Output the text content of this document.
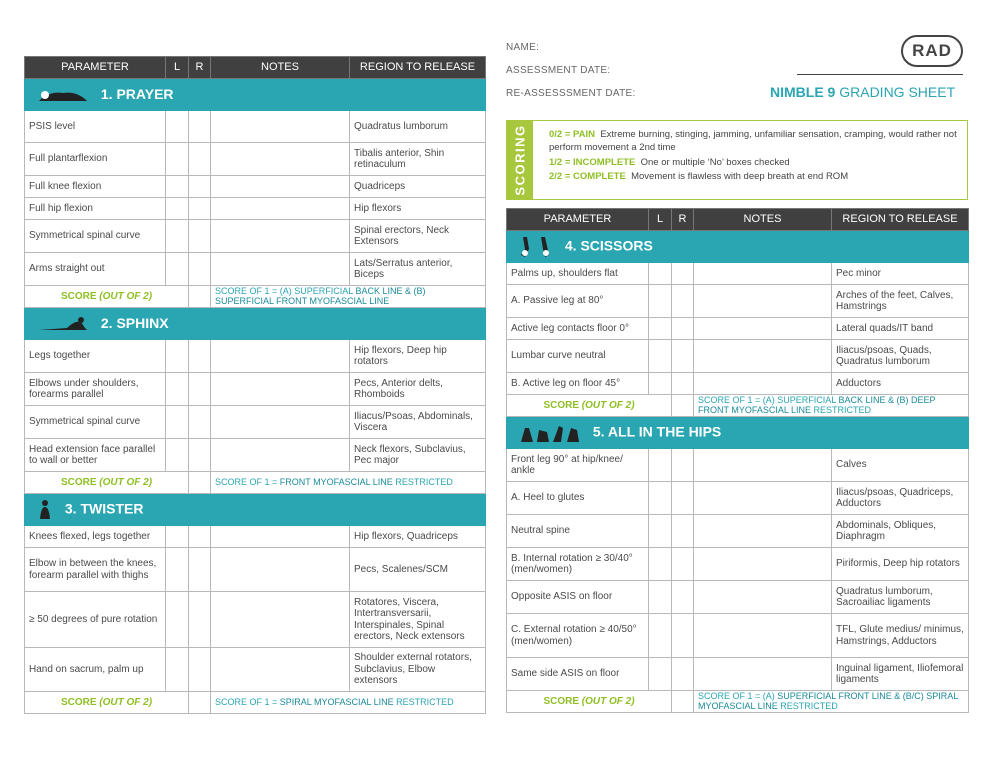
PARAMETER	L	R	NOTES	REGION TO RELEASE
1. PRAYER				
PSIS level				Quadratus lumborum
Full plantarflexion				Tibalis anterior, Shin retinaculum
Full knee flexion				Quadriceps
Full hip flexion				Hip flexors
Symmetrical spinal curve				Spinal erectors, Neck Extensors
Arms straight out				Lats/Serratus anterior, Biceps
SCORE (OUT OF 2)			SCORE OF 1 = (A) SUPERFICIAL BACK LINE & (B) SUPERFICIAL FRONT MYOFASCIAL LINE	
2. SPHINX				
Legs together				Hip flexors, Deep hip rotators
Elbows under shoulders, forearms parallel				Pecs, Anterior delts, Rhomboids
Symmetrical spinal curve				Iliacus/Psoas, Abdominals, Viscera
Head extension face parallel to wall or better				Neck flexors, Subclavius, Pec major
SCORE (OUT OF 2)			SCORE OF 1 = FRONT MYOFASCIAL LINE RESTRICTED	
3. TWISTER				
Knees flexed, legs together				Hip flexors, Quadriceps
Elbow in between the knees, forearm parallel with thighs				Pecs, Scalenes/SCM
≥ 50 degrees of pure rotation				Rotatores, Viscera, Intertransversarii, Interspinales, Spinal erectors, Neck extensors
Hand on sacrum, palm up				Shoulder external rotators, Subclavius, Elbow extensors
SCORE (OUT OF 2)			SCORE OF 1 = SPIRAL MYOFASCIAL LINE RESTRICTED	
NAME:
ASSESSMENT DATE:
RE-ASSESSSMENT DATE:
RAD
NIMBLE 9 GRADING SHEET
SCORING 0/2 = PAIN Extreme burning, stinging, jamming, unfamiliar sensation, cramping, would rather not perform movement a 2nd time

1/2 = INCOMPLETE One or multiple ‘No’ boxes checked

2/2 = COMPLETE Movement is flawless with deep breath at end ROM

PARAMETER	L	R	NOTES	REGION TO RELEASE
4. SCISSORS				
Palms up, shoulders flat				Pec minor
A. Passive leg at 80°				Arches of the feet, Calves, Hamstrings
Active leg contacts floor 0°				Lateral quads/IT band
Lumbar curve neutral				Iliacus/psoas, Quads, Quadratus lumborum
B. Active leg on floor 45°				Adductors
SCORE (OUT OF 2)			SCORE OF 1 = (A) SUPERFICIAL BACK LINE & (B) DEEP FRONT MYOFASCIAL LINE RESTRICTED	
5. ALL IN THE HIPS				
Front leg 90° at hip/knee/ ankle				Calves
A. Heel to glutes				Iliacus/psoas, Quadriceps, Adductors
Neutral spine				Abdominals, Obliques, Diaphragm
B. Internal rotation ≥ 30/40° (men/women)				Piriformis, Deep hip rotators
Opposite ASIS on floor				Quadratus lumborum, Sacroailiac ligaments
C. External rotation ≥ 40/50° (men/women)				TFL, Glute medius/ minimus, Hamstrings, Adductors
Same side ASIS on floor				Inguinal ligament, Iliofemoral ligaments
SCORE (OUT OF 2)			SCORE OF 1 = (A) SUPERFICIAL FRONT LINE & (B/C) SPIRAL MYOFASCIAL LINE RESTRICTED	
